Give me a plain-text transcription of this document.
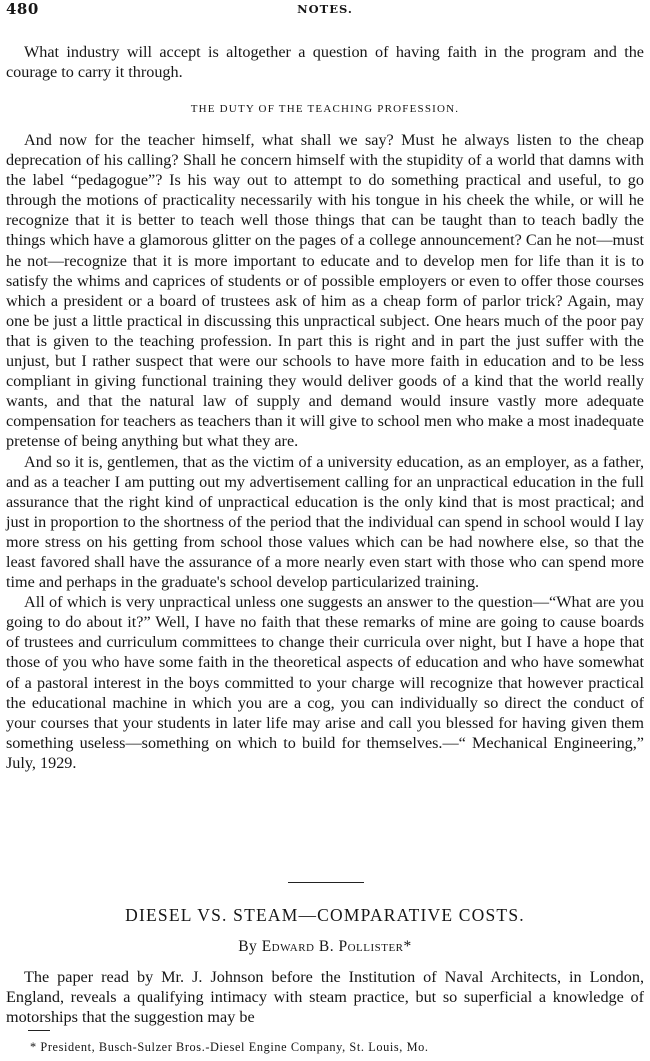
480	NOTES.

What industry will accept is altogether a question of having faith in the program and the courage to carry it through.

THE DUTY OF THE TEACHING PROFESSION.

And now for the teacher himself, what shall we say? Must he always listen to the cheap deprecation of his calling? Shall he concern himself with the stupidity of a world that damns with the label “pedagogue”? Is his way out to attempt to do something practical and useful, to go through the motions of practicality necessarily with his tongue in his cheek the while, or will he recognize that it is better to teach well those things that can be taught than to teach badly the things which have a glamorous glitter on the pages of a college announcement? Can he not—must he not—recognize that it is more important to educate and to develop men for life than it is to satisfy the whims and caprices of students or of possible employers or even to offer those courses which a president or a board of trustees ask of him as a cheap form of parlor trick? Again, may one be just a little practical in discussing this unpractical subject. One hears much of the poor pay that is given to the teaching profession. In part this is right and in part the just suffer with the unjust, but I rather suspect that were our schools to have more faith in education and to be less compliant in giving functional training they would deliver goods of a kind that the world really wants, and that the natural law of supply and demand would insure vastly more adequate compensation for teachers as teachers than it will give to school men who make a most inadequate pretense of being anything but what they are.

And so it is, gentlemen, that as the victim of a university education, as an employer, as a father, and as a teacher I am putting out my advertisement calling for an unpractical education in the full assurance that the right kind of unpractical education is the only kind that is most practical; and just in proportion to the shortness of the period that the individual can spend in school would I lay more stress on his getting from school those values which can be had nowhere else, so that the least favored shall have the assurance of a more nearly even start with those who can spend more time and perhaps in the graduate's school develop particularized training.

All of which is very unpractical unless one suggests an answer to the question—“What are you going to do about it?” Well, I have no faith that these remarks of mine are going to cause boards of trustees and curriculum committees to change their curricula over night, but I have a hope that those of you who have some faith in the theoretical aspects of education and who have somewhat of a pastoral interest in the boys committed to your charge will recognize that however practical the educational machine in which you are a cog, you can individually so direct the conduct of your courses that your students in later life may arise and call you blessed for having given them something useless—something on which to build for themselves.—“ Mechanical Engineering,” July, 1929.

DIESEL VS. STEAM—COMPARATIVE COSTS.
By Edward B. Pollister*

The paper read by Mr. J. Johnson before the Institution of Naval Architects, in London, England, reveals a qualifying intimacy with steam practice, but so superficial a knowledge of motorships that the suggestion may be

* President, Busch-Sulzer Bros.-Diesel Engine Company, St. Louis, Mo.
